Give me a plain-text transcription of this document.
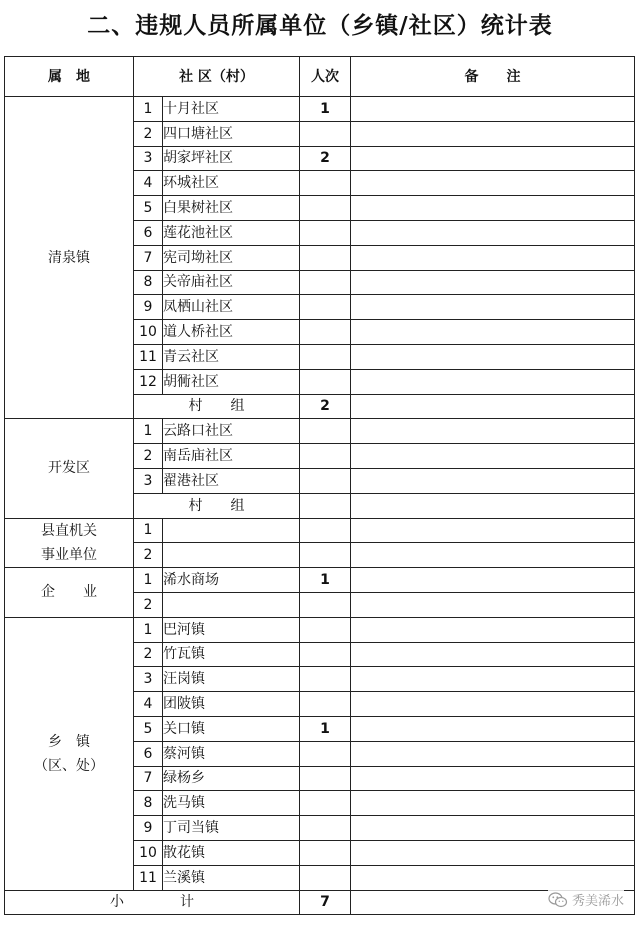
二、违规人员所属单位（乡镇/社区）统计表
属　地	社 区（村）		人次	备　　注
清泉镇	1	十月社区	1	
	2	四口塘社区		
	3	胡家坪社区	2	
	4	环城社区		
	5	白果树社区		
	6	莲花池社区		
	7	宪司坳社区		
	8	关帝庙社区		
	9	凤栖山社区		
	10	道人桥社区		
	11	青云社区		
	12	胡衕社区		
	村　　组		2	
开发区	1	云路口社区		
	2	南岳庙社区		
	3	翟港社区		
	村　　组			

县直机关
事业单位	1			
	2			
企　　业	1	浠水商场	1	
	2			

乡　镇
（区、处）	1	巴河镇		
	2	竹瓦镇		
	3	汪岗镇		
	4	团陂镇		
	5	关口镇	1	
	6	蔡河镇		
	7	绿杨乡		
	8	洗马镇		
	9	丁司当镇		
	10	散花镇		
	11	兰溪镇		
小　　　　计			7		秀美浠水
